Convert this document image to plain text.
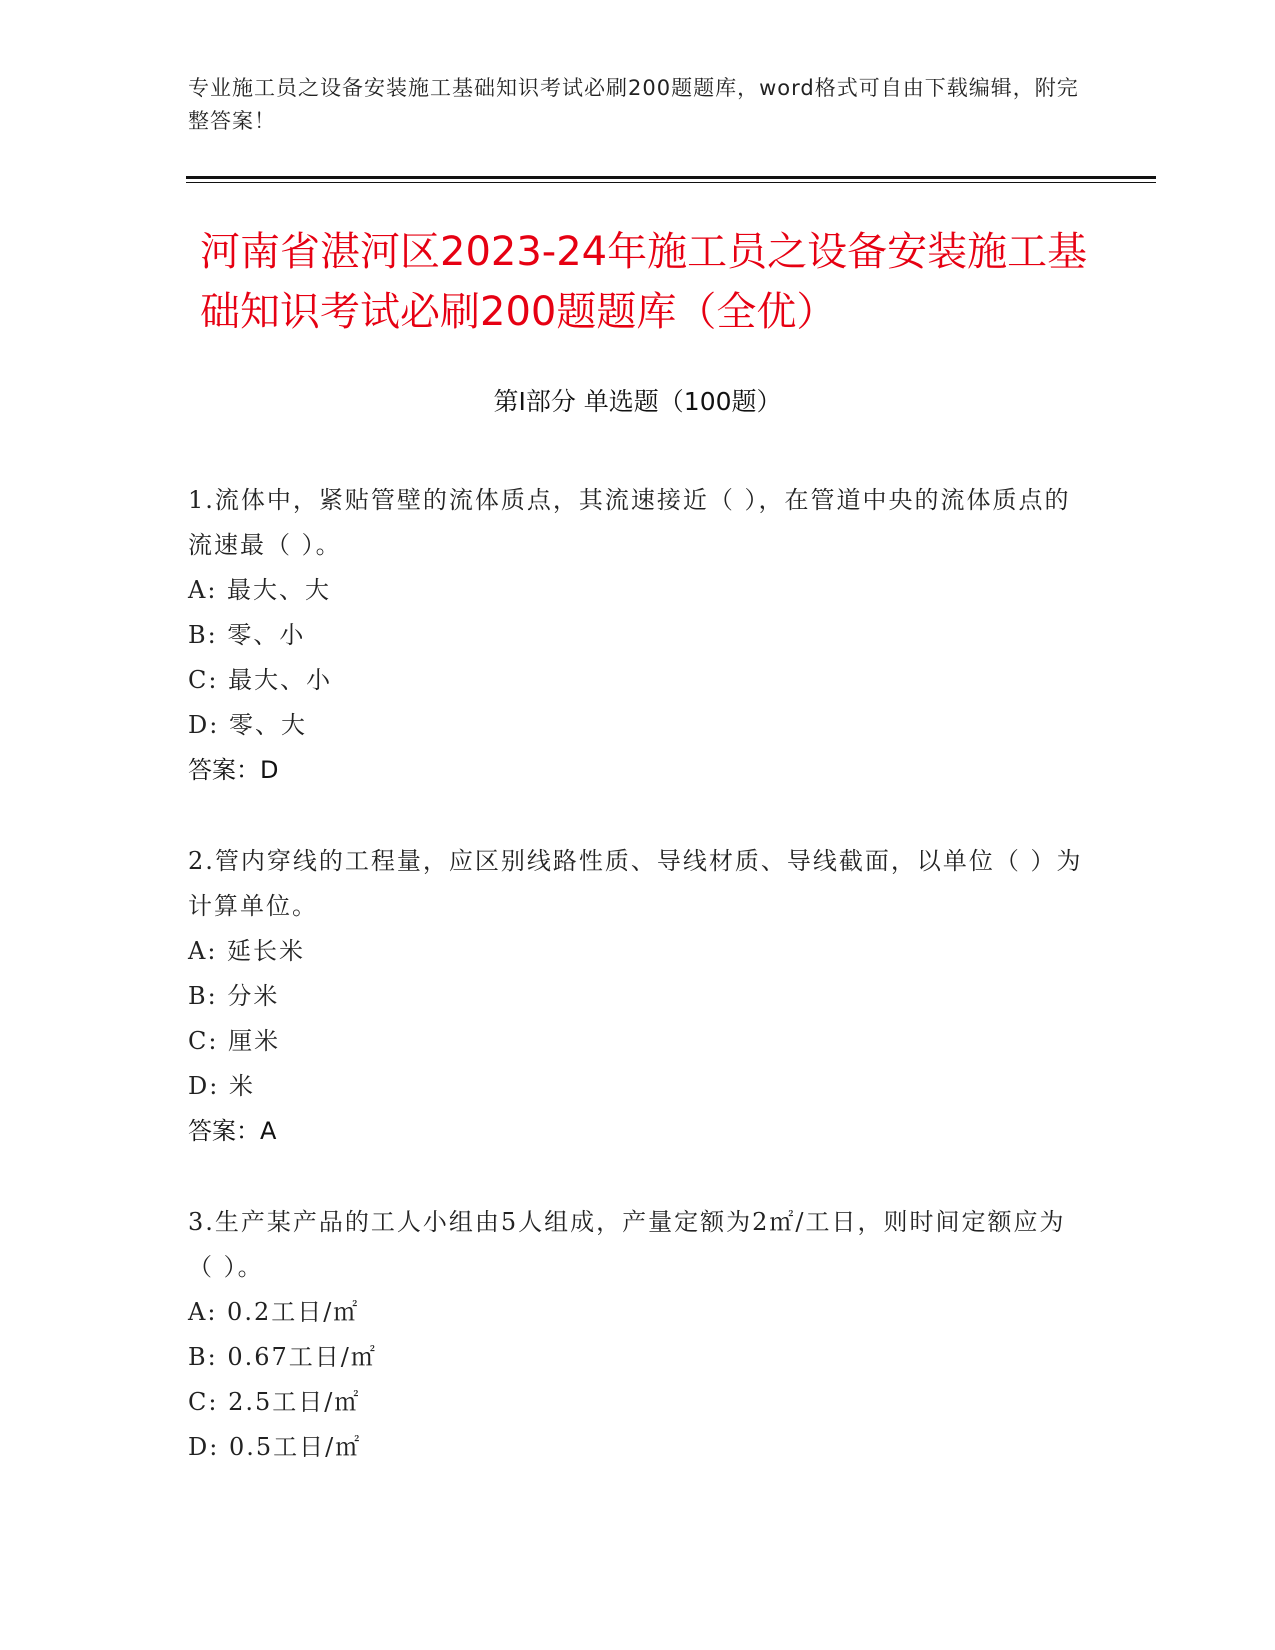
专业施工员之设备安装施工基础知识考试必刷200题题库，word格式可自由下载编辑，附完整答案！
河南省湛河区2023-24年施工员之设备安装施工基础知识考试必刷200题题库（全优）
第Ⅰ部分 单选题（100题）

1.流体中，紧贴管壁的流体质点，其流速接近（ ），在管道中央的流体质点的流速最（ ）。

A: 最大、大

B: 零、小

C: 最大、小

D: 零、大

答案：D

2.管内穿线的工程量，应区别线路性质、导线材质、导线截面，以单位（ ）为计算单位。

A: 延长米

B: 分米

C: 厘米

D: 米

答案：A

3.生产某产品的工人小组由5人组成，产量定额为2㎡/工日，则时间定额应为（ ）。

A: 0.2工日/㎡

B: 0.67工日/㎡

C: 2.5工日/㎡

D: 0.5工日/㎡
